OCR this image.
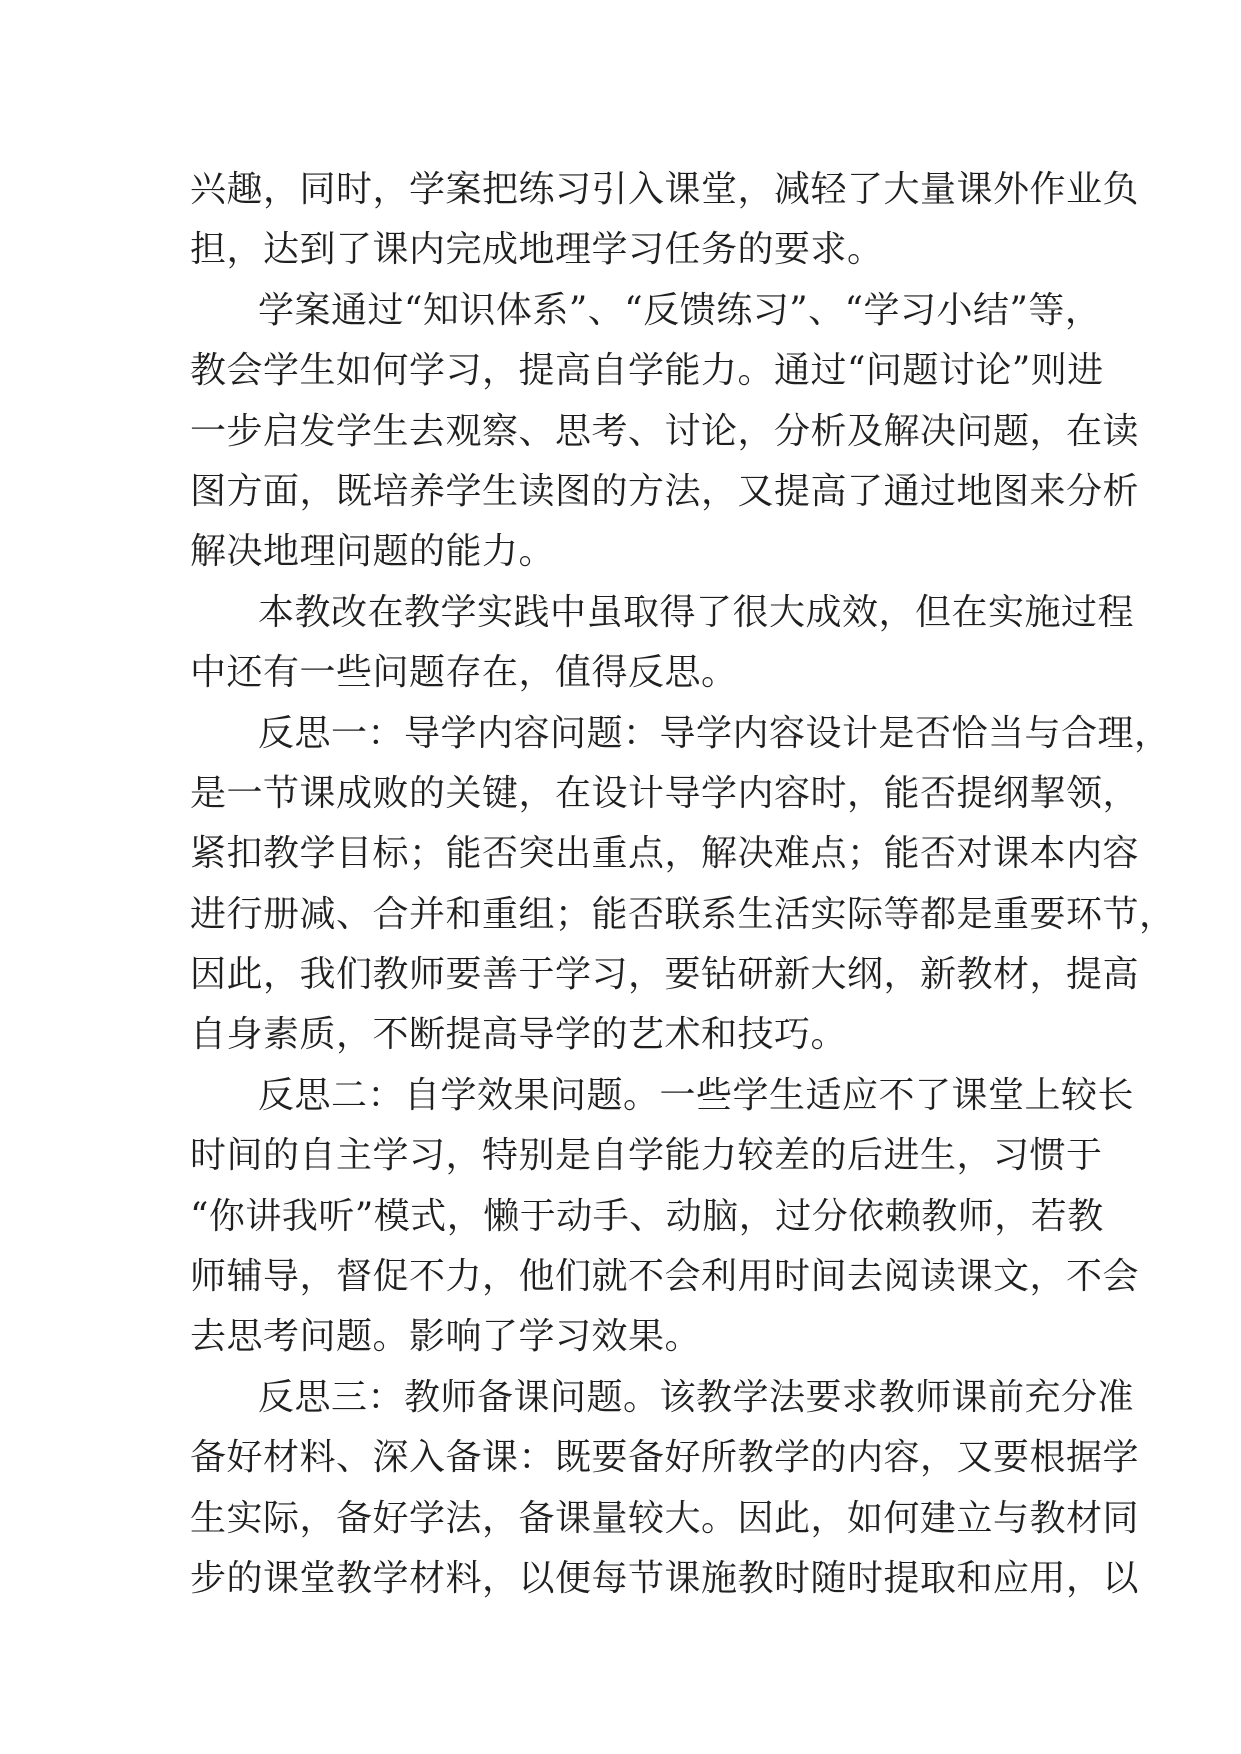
兴趣，同时，学案把练习引入课堂，减轻了大量课外作业负
担，达到了课内完成地理学习任务的要求。
学案通过“知识体系”、“反馈练习”、“学习小结”等，
教会学生如何学习，提高自学能力。通过“问题讨论”则进
一步启发学生去观察、思考、讨论，分析及解决问题，在读
图方面，既培养学生读图的方法，又提高了通过地图来分析
解决地理问题的能力。
本教改在教学实践中虽取得了很大成效，但在实施过程
中还有一些问题存在，值得反思。
反思一：导学内容问题：导学内容设计是否恰当与合理，
是一节课成败的关键，在设计导学内容时，能否提纲挈领，
紧扣教学目标；能否突出重点，解决难点；能否对课本内容
进行册减、合并和重组；能否联系生活实际等都是重要环节，
因此，我们教师要善于学习，要钻研新大纲，新教材，提高
自身素质，不断提高导学的艺术和技巧。
反思二：自学效果问题。一些学生适应不了课堂上较长
时间的自主学习，特别是自学能力较差的后进生，习惯于
“你讲我听”模式，懒于动手、动脑，过分依赖教师，若教
师辅导，督促不力，他们就不会利用时间去阅读课文，不会
去思考问题。影响了学习效果。
反思三：教师备课问题。该教学法要求教师课前充分准
备好材料、深入备课：既要备好所教学的内容，又要根据学
生实际，备好学法，备课量较大。因此，如何建立与教材同
步的课堂教学材料，以便每节课施教时随时提取和应用，以
